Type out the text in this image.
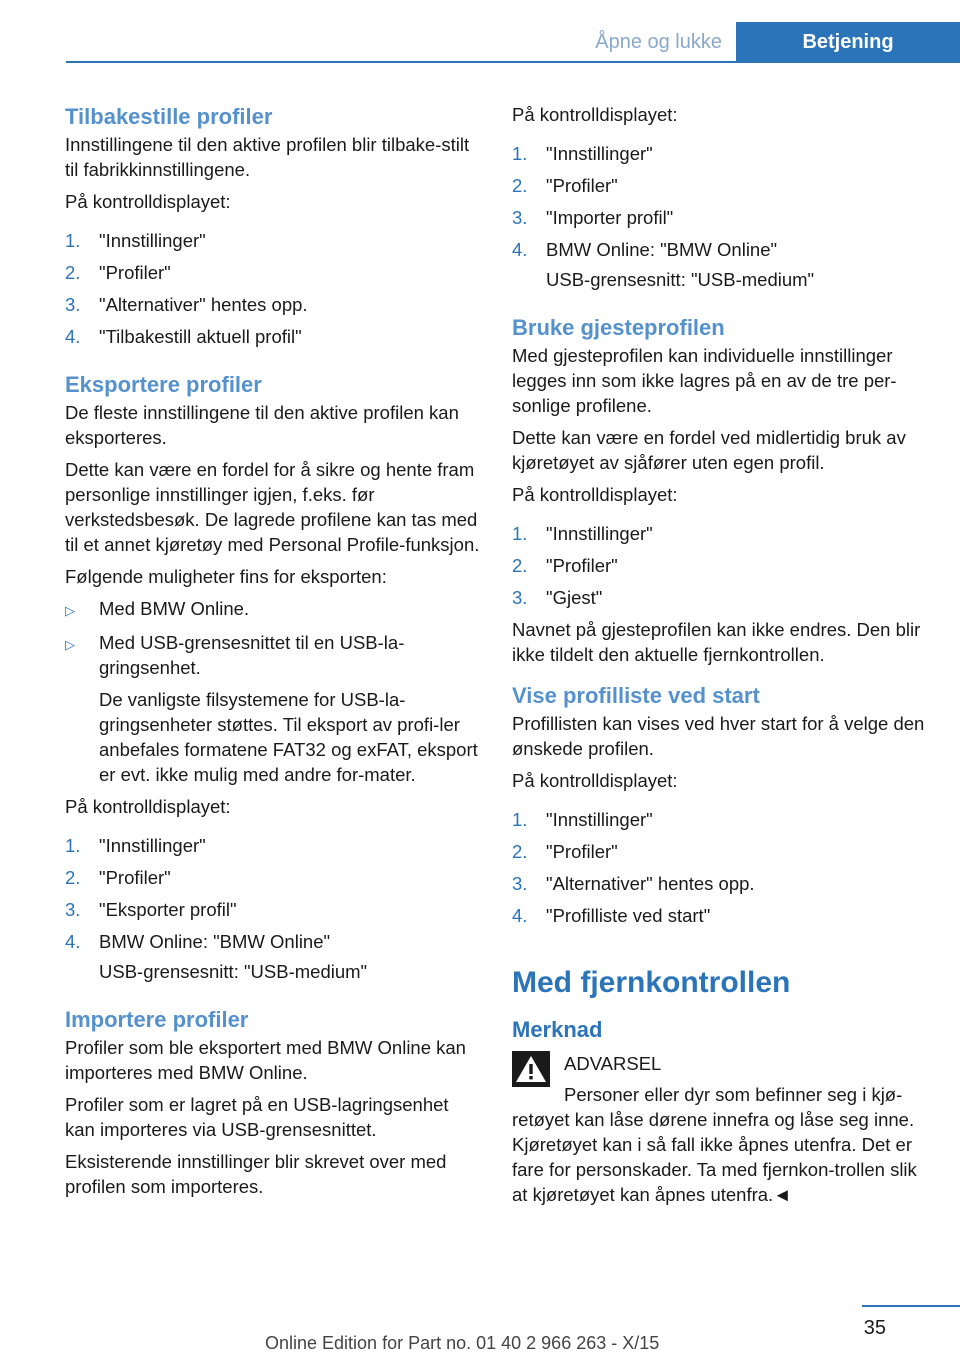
Åpne og lukke	Betjening
Tilbakestille profiler

Innstillingene til den aktive profilen blir tilbake-stilt til fabrikkinnstillingene.

På kontrolldisplayet:

1.	"Innstillinger"
2.	"Profiler"
3.	"Alternativer" hentes opp.
4.	"Tilbakestill aktuell profil"
Eksportere profiler

De fleste innstillingene til den aktive profilen kan eksporteres.

Dette kan være en fordel for å sikre og hente fram personlige innstillinger igjen, f.eks. før verkstedsbesøk. De lagrede profilene kan tas med til et annet kjøretøy med Personal Profile-funksjon.

Følgende muligheter fins for eksporten:

▷	Med BMW Online.
▷	Med USB-grensesnittet til en USB-la-gringsenhet.

De vanligste filsystemene for USB-la-gringsenheter støttes. Til eksport av profi-ler anbefales formatene FAT32 og exFAT, eksport er evt. ikke mulig med andre for-mater.

På kontrolldisplayet:

1.	"Innstillinger"
2.	"Profiler"
3.	"Eksporter profil"
4.	BMW Online: "BMW Online"

USB-grensesnitt: "USB-medium"

Importere profiler

Profiler som ble eksportert med BMW Online kan importeres med BMW Online.

Profiler som er lagret på en USB-lagringsenhet kan importeres via USB-grensesnittet.

Eksisterende innstillinger blir skrevet over med profilen som importeres.

På kontrolldisplayet:

1.	"Innstillinger"
2.	"Profiler"
3.	"Importer profil"
4.	BMW Online: "BMW Online"

USB-grensesnitt: "USB-medium"

Bruke gjesteprofilen

Med gjesteprofilen kan individuelle innstillinger legges inn som ikke lagres på en av de tre per-sonlige profilene.

Dette kan være en fordel ved midlertidig bruk av kjøretøyet av sjåfører uten egen profil.

På kontrolldisplayet:

1.	"Innstillinger"
2.	"Profiler"
3.	"Gjest"

Navnet på gjesteprofilen kan ikke endres. Den blir ikke tildelt den aktuelle fjernkontrollen.

Vise profilliste ved start

Profillisten kan vises ved hver start for å velge den ønskede profilen.

På kontrolldisplayet:

1.	"Innstillinger"
2.	"Profiler"
3.	"Alternativer" hentes opp.
4.	"Profilliste ved start"
Med fjernkontrollen
Merknad

ADVARSEL

Personer eller dyr som befinner seg i kjø-

retøyet kan låse dørene innefra og låse seg inne. Kjøretøyet kan i så fall ikke åpnes utenfra. Det er fare for personskader. Ta med fjernkon-trollen slik at kjøretøyet kan åpnes utenfra.◄

35
Online Edition for Part no. 01 40 2 966 263 - X/15
